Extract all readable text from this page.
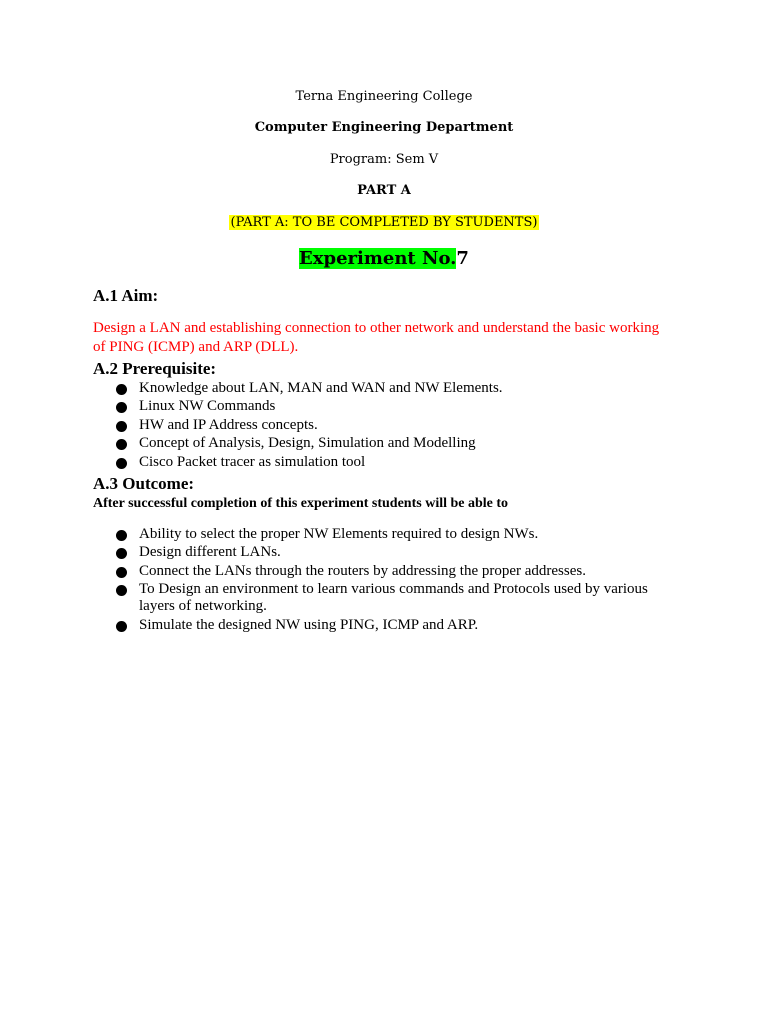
Terna Engineering College
Computer Engineering Department
Program: Sem V
PART A
(PART A: TO BE COMPLETED BY STUDENTS)
Experiment No.7
A.1 Aim:
Design a LAN and establishing connection to other network and understand the basic working of PING (ICMP) and ARP (DLL).
A.2 Prerequisite:
Knowledge about LAN, MAN and WAN and NW Elements.
Linux NW Commands
HW and IP Address concepts.
Concept of Analysis, Design, Simulation and Modelling
Cisco Packet tracer as simulation tool
A.3 Outcome:
After successful completion of this experiment students will be able to
Ability to select the proper NW Elements required to design NWs.
Design different LANs.
Connect the LANs through the routers by addressing the proper addresses.
To Design an environment to learn various commands and Protocols used by various layers of networking.
Simulate the designed NW using PING, ICMP and ARP.
